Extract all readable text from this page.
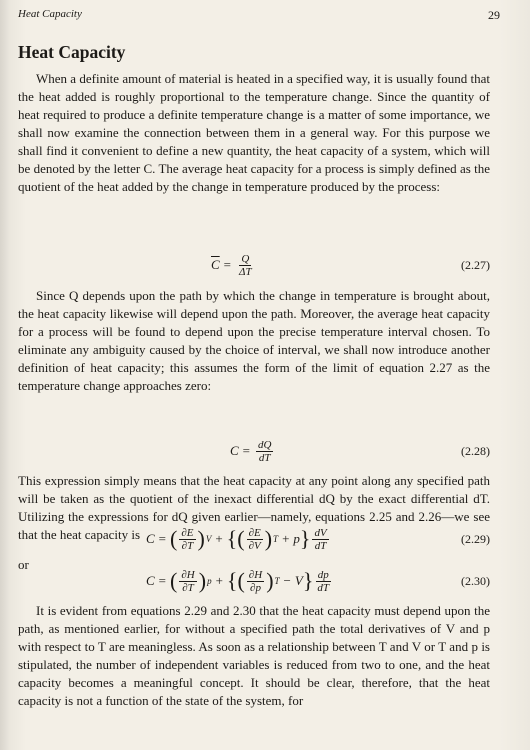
Heat Capacity	29
Heat Capacity

When a definite amount of material is heated in a specified way, it is usually found that the heat added is roughly proportional to the temperature change. Since the quantity of heat required to produce a definite temperature change is a matter of some importance, we shall now examine the connection between them in a general way. For this purpose we shall find it convenient to define a new quantity, the heat capacity of a system, which will be denoted by the letter C. The average heat capacity for a process is simply defined as the quotient of the heat added by the change in temperature produced by the process:

$\overline{C} = \frac{Q}{\Delta T}$	(2.27)

Since Q depends upon the path by which the change in temperature is brought about, the heat capacity likewise will depend upon the path. Moreover, the average heat capacity for a process will be found to depend upon the precise temperature interval chosen. To eliminate any ambiguity caused by the choice of interval, we shall now introduce another definition of heat capacity; this assumes the form of the limit of equation 2.27 as the temperature change approaches zero:

$C = \frac{dQ}{dT}$	(2.28)

This expression simply means that the heat capacity at any point along any specified path will be taken as the quotient of the inexact differential dQ by the exact differential dT. Utilizing the expressions for dQ given earlier—namely, equations 2.25 and 2.26—we see that the heat capacity is C = ( $\frac{\partial E}{\partial T}$ ) V + { ( $\frac{\partial E}{\partial V}$ ) T + p } $\frac{dV}{dT}$	(2.29)

or

C = ( $\frac{\partial H}{\partial T}$ ) p + { ( $\frac{\partial H}{\partial p}$ ) T − V } $\frac{dp}{dT}$	(2.30)

It is evident from equations 2.29 and 2.30 that the heat capacity must depend upon the path, as mentioned earlier, for without a specified path the total derivatives of V and p with respect to T are meaningless. As soon as a relationship between T and V or T and p is stipulated, the number of independent variables is reduced from two to one, and the heat capacity becomes a meaningful concept. It should be clear, therefore, that the heat capacity is not a function of the state of the system, for
